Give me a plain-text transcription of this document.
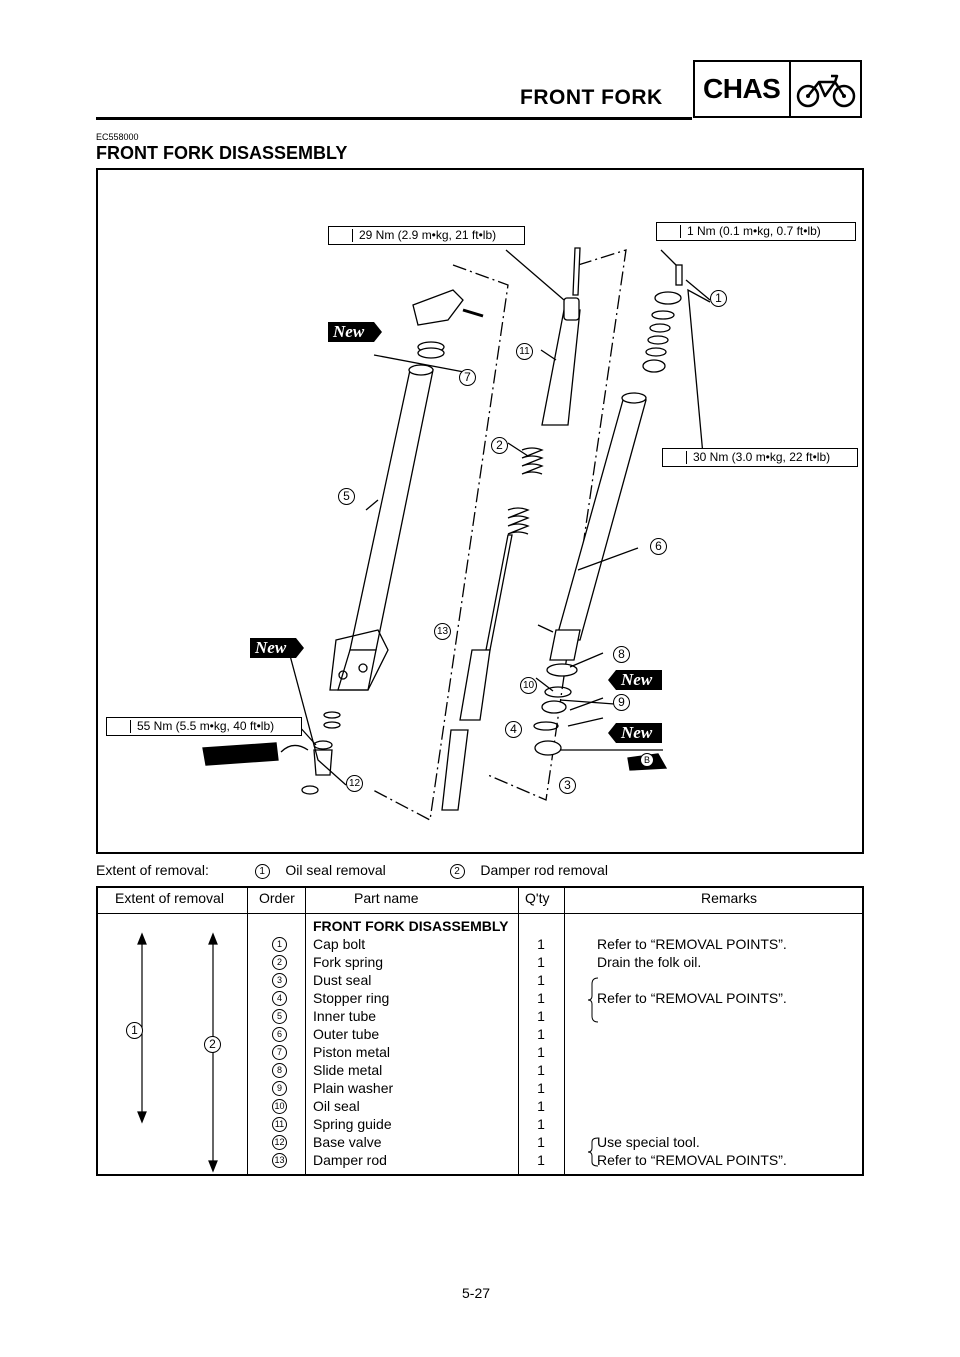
FRONT FORK CHAS
EC558000
FRONT FORK DISASSEMBLY
29 Nm (2.9 m•kg, 21 ft•lb)	1 Nm (0.1 m•kg, 0.7 ft•lb)
30 Nm (3.0 m•kg, 22 ft•lb)
55 Nm (5.5 m•kg, 40 ft•lb)
New
New
New
New
B
1
2
3
4
5
6
7
8
9
10
11
12
13
Extent of removal:	1 Oil seal removal	2 Damper rod removal
Extent of removal	Order	Part name	Q'ty	Remarks
1
2
FRONT FORK DISASSEMBLY
1	Cap bolt	1	Refer to “REMOVAL POINTS”.
2	Fork spring	1	Drain the folk oil.
3	Dust seal	1
4	Stopper ring	1	Refer to “REMOVAL POINTS”.
5	Inner tube	1
6	Outer tube	1
7	Piston metal	1
8	Slide metal	1
9	Plain washer	1
10 Oil seal	1
11 Spring guide	1
12 Base valve	1	Use special tool.
13 Damper rod	1	Refer to “REMOVAL POINTS”.
5-27
